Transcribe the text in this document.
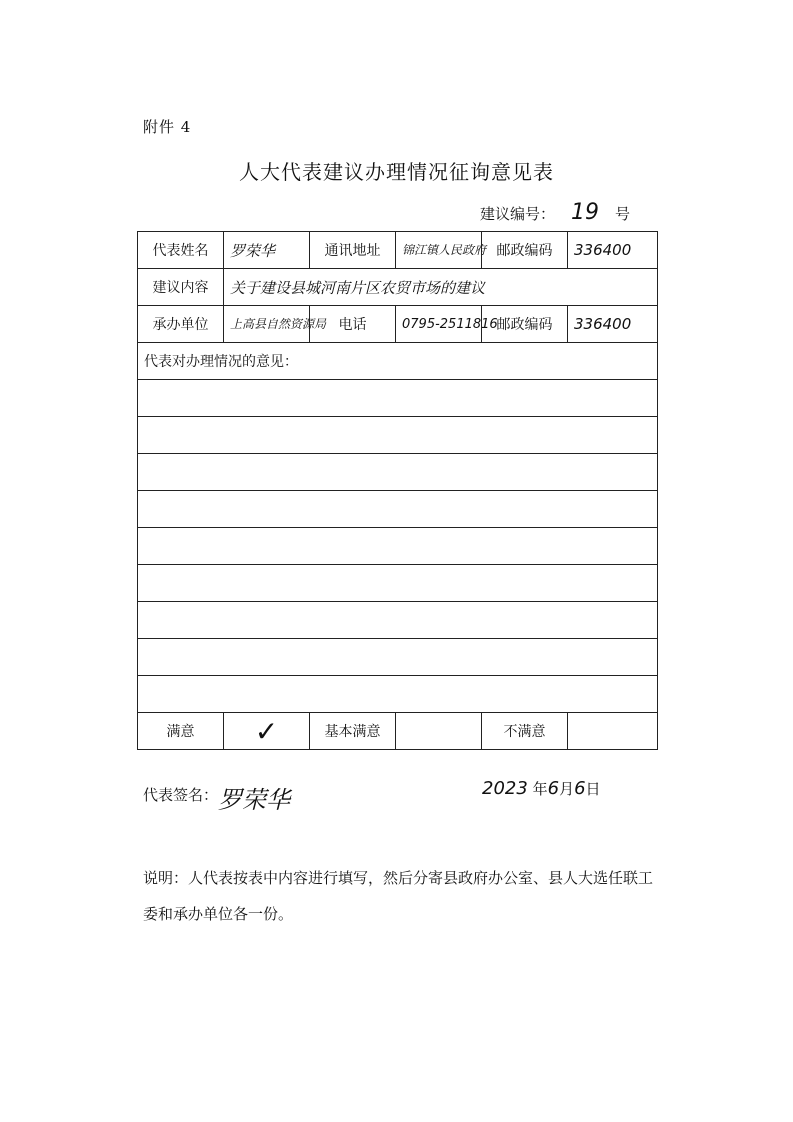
附件 4
人大代表建议办理情况征询意见表
建议编号： 19 号
代表姓名	罗荣华	通讯地址	锦江镇人民政府	邮政编码	336400
建议内容	关于建设县城河南片区农贸市场的建议				
承办单位	上高县自然资源局	电话	0795-2511816	邮政编码	336400
代表对办理情况的意见：					

满意	✓	基本满意		不满意	
代表签名：罗荣华	2023 年6月6日
说明：人代表按表中内容进行填写，然后分寄县政府办公室、县人大选任联工委和承办单位各一份。
